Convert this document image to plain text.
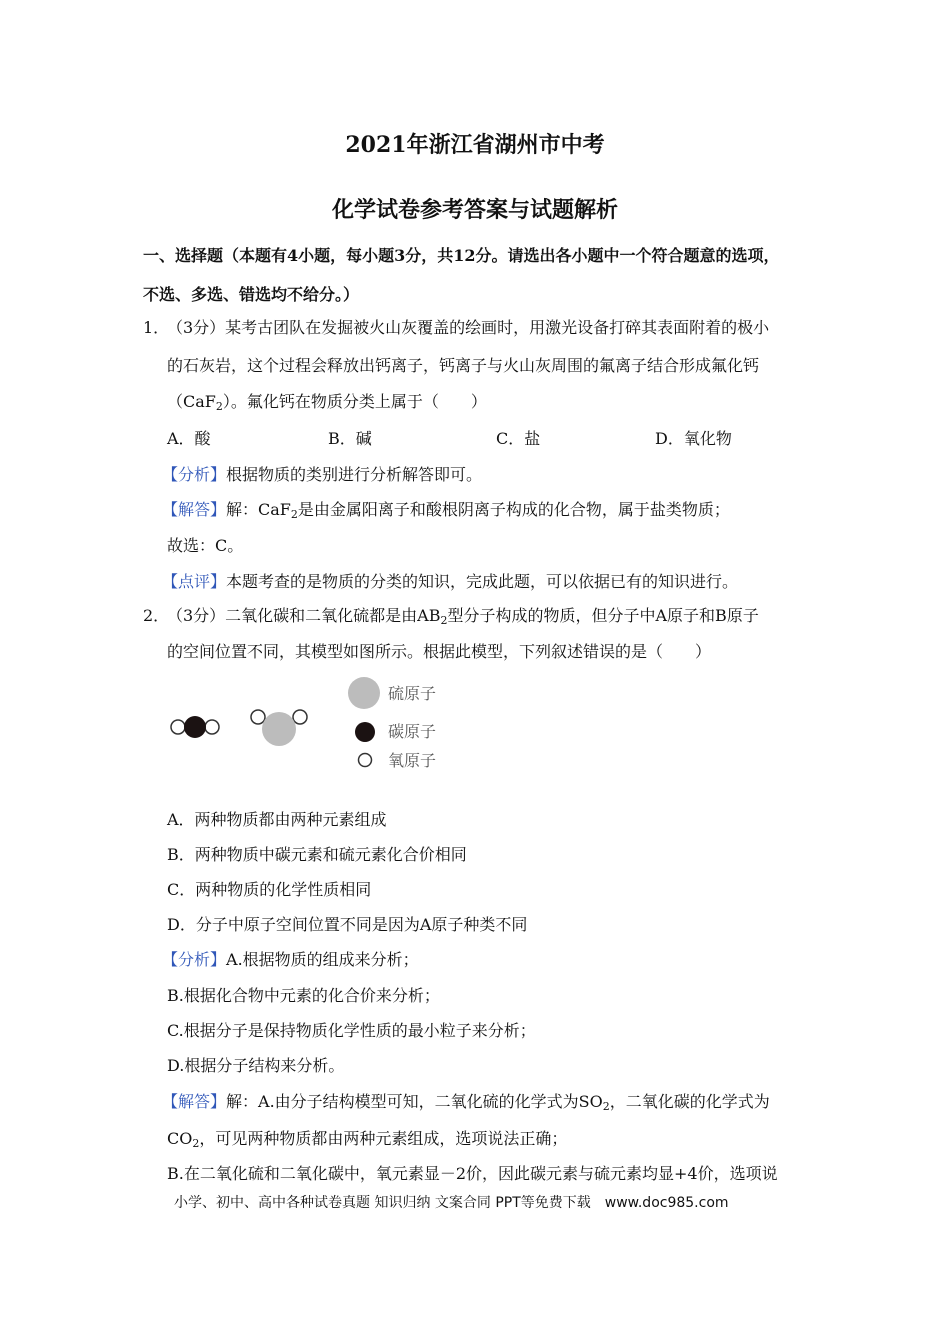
2021年浙江省湖州市中考
化学试卷参考答案与试题解析
一、选择题（本题有4小题，每小题3分，共12分。请选出各小题中一个符合题意的选项，
不选、多选、错选均不给分。）
1．
（3分）某考古团队在发掘被火山灰覆盖的绘画时，用激光设备打碎其表面附着的极小
的石灰岩，这个过程会释放出钙离子，钙离子与火山灰周围的氟离子结合形成氟化钙
（CaF$_2$）。氟化钙在物质分类上属于（　　）
A．酸	B．碱	C．盐	D．氧化物
【分析】根据物质的类别进行分析解答即可。
【解答】解：CaF$_2$是由金属阳离子和酸根阴离子构成的化合物，属于盐类物质；
故选：C。
【点评】本题考查的是物质的分类的知识，完成此题，可以依据已有的知识进行。
2．
（3分）二氧化碳和二氧化硫都是由$AB_2$型分子构成的物质，但分子中A原子和B原子
的空间位置不同，其模型如图所示。根据此模型，下列叙述错误的是（　　）
硫原子
碳原子
氧原子
A．两种物质都由两种元素组成
B．两种物质中碳元素和硫元素化合价相同
C．两种物质的化学性质相同
D．分子中原子空间位置不同是因为A原子种类不同
【分析】A.根据物质的组成来分析；
B.根据化合物中元素的化合价来分析；
C.根据分子是保持物质化学性质的最小粒子来分析；
D.根据分子结构来分析。
【解答】解：A.由分子结构模型可知，二氧化硫的化学式为$SO_2$，二氧化碳的化学式为
$CO_2$，可见两种物质都由两种元素组成，选项说法正确；
B.在二氧化硫和二氧化碳中，氧元素显－2价，因此碳元素与硫元素均显+4价，选项说
小学、初中、高中各种试卷真题 知识归纳 文案合同 PPT等免费下载　www.doc985.com
